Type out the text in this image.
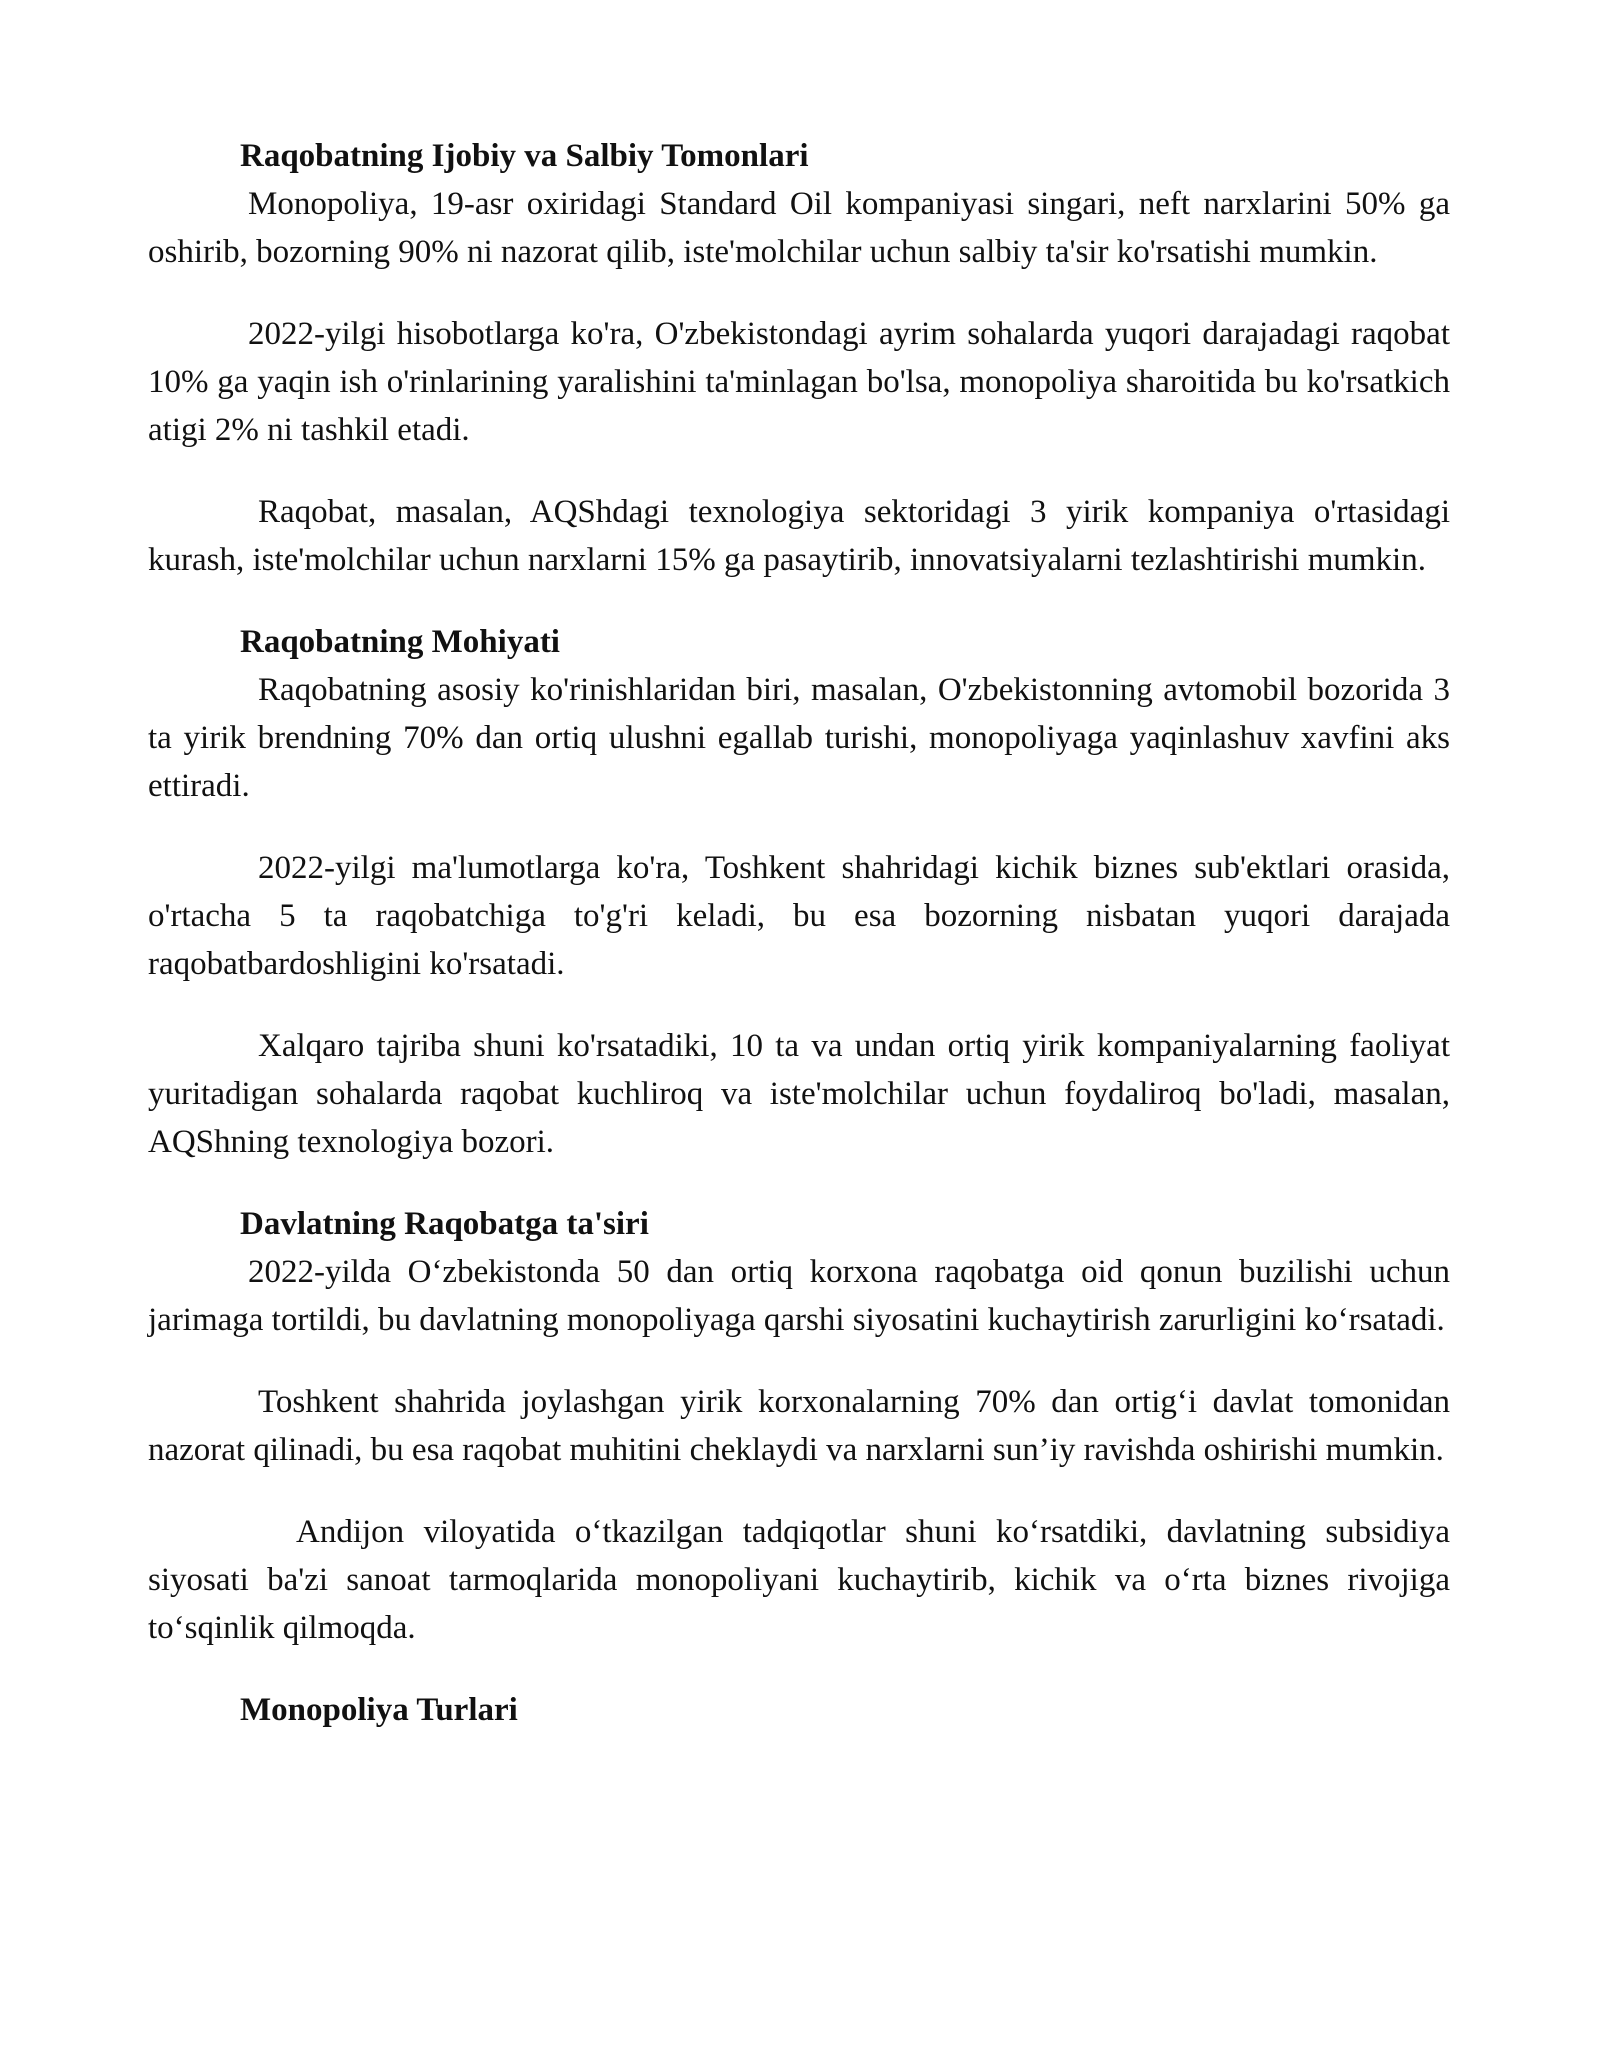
Raqobatning Ijobiy va Salbiy Tomonlari

Monopoliya, 19-asr oxiridagi Standard Oil kompaniyasi singari, neft narxlarini 50% ga oshirib, bozorning 90% ni nazorat qilib, iste'molchilar uchun salbiy ta'sir ko'rsatishi mumkin.

2022-yilgi hisobotlarga ko'ra, O'zbekistondagi ayrim sohalarda yuqori darajadagi raqobat 10% ga yaqin ish o'rinlarining yaralishini ta'minlagan bo'lsa, monopoliya sharoitida bu ko'rsatkich atigi 2% ni tashkil etadi.

Raqobat, masalan, AQShdagi texnologiya sektoridagi 3 yirik kompaniya o'rtasidagi kurash, iste'molchilar uchun narxlarni 15% ga pasaytirib, innovatsiyalarni tezlashtirishi mumkin.

Raqobatning Mohiyati

Raqobatning asosiy ko'rinishlaridan biri, masalan, O'zbekistonning avtomobil bozorida 3 ta yirik brendning 70% dan ortiq ulushni egallab turishi, monopoliyaga yaqinlashuv xavfini aks ettiradi.

2022-yilgi ma'lumotlarga ko'ra, Toshkent shahridagi kichik biznes sub'ektlari orasida, o'rtacha 5 ta raqobatchiga to'g'ri keladi, bu esa bozorning nisbatan yuqori darajada raqobatbardoshligini ko'rsatadi.

Xalqaro tajriba shuni ko'rsatadiki, 10 ta va undan ortiq yirik kompaniyalarning faoliyat yuritadigan sohalarda raqobat kuchliroq va iste'molchilar uchun foydaliroq bo'ladi, masalan, AQShning texnologiya bozori.

Davlatning Raqobatga ta'siri

2022-yilda O‘zbekistonda 50 dan ortiq korxona raqobatga oid qonun buzilishi uchun jarimaga tortildi, bu davlatning monopoliyaga qarshi siyosatini kuchaytirish zarurligini ko‘rsatadi.

Toshkent shahrida joylashgan yirik korxonalarning 70% dan ortig‘i davlat tomonidan nazorat qilinadi, bu esa raqobat muhitini cheklaydi va narxlarni sun’iy ravishda oshirishi mumkin.

Andijon viloyatida o‘tkazilgan tadqiqotlar shuni ko‘rsatdiki, davlatning subsidiya siyosati ba'zi sanoat tarmoqlarida monopoliyani kuchaytirib, kichik va o‘rta biznes rivojiga to‘sqinlik qilmoqda.

Monopoliya Turlari
